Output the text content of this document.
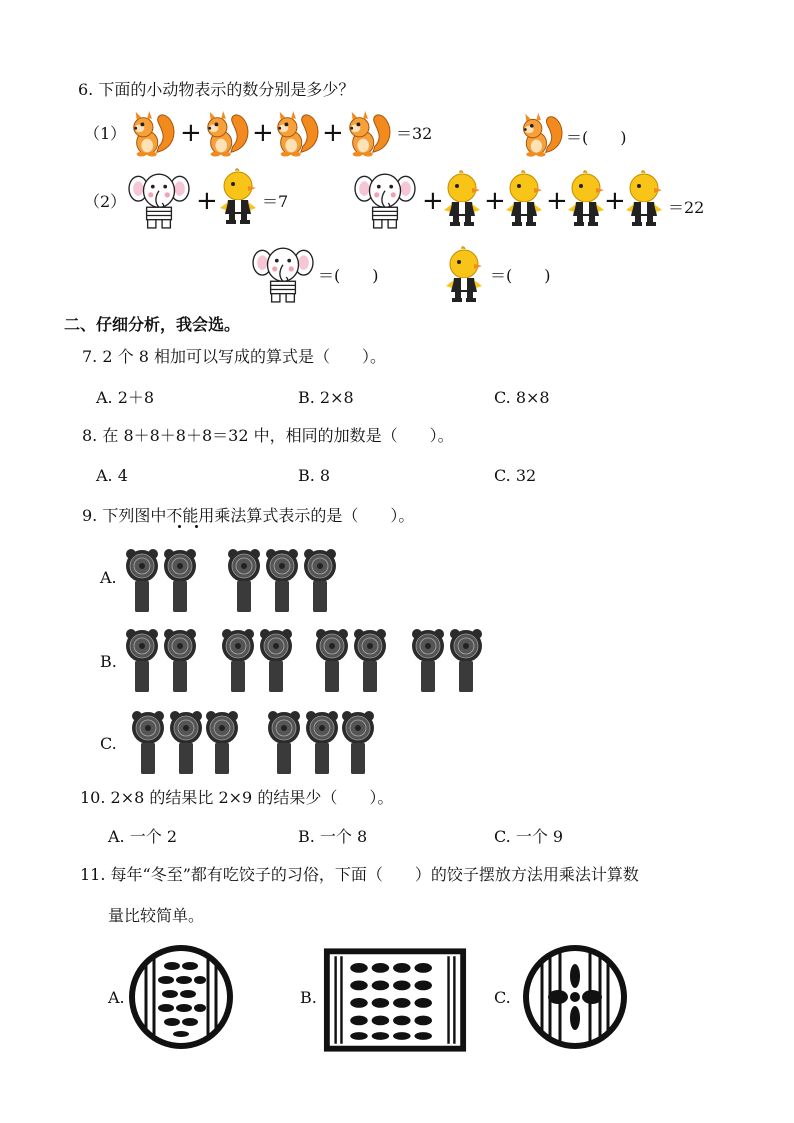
6. 下面的小动物表示的数分别是多少？
（1） + + +	＝32	＝(　　)
（2）	+	＝7	+ + + +	＝22
＝(　　)	＝(　　)
二、仔细分析，我会选。
7. 2 个 8 相加可以写成的算式是（　　）。
A. 2＋8	B. 2×8	C. 8×8
8. 在 8＋8＋8＋8＝32 中，相同的加数是（　　）。
A. 4	B. 8	C. 32
9. 下列图中不能用乘法算式表示的是（　　）。
A.
B.
C.
10. 2×8 的结果比 2×9 的结果少（　　）。
A. 一个 2	B. 一个 8	C. 一个 9
11. 每年“冬至”都有吃饺子的习俗，下面（　　）的饺子摆放方法用乘法计算数
量比较简单。
A.	B.	C.
